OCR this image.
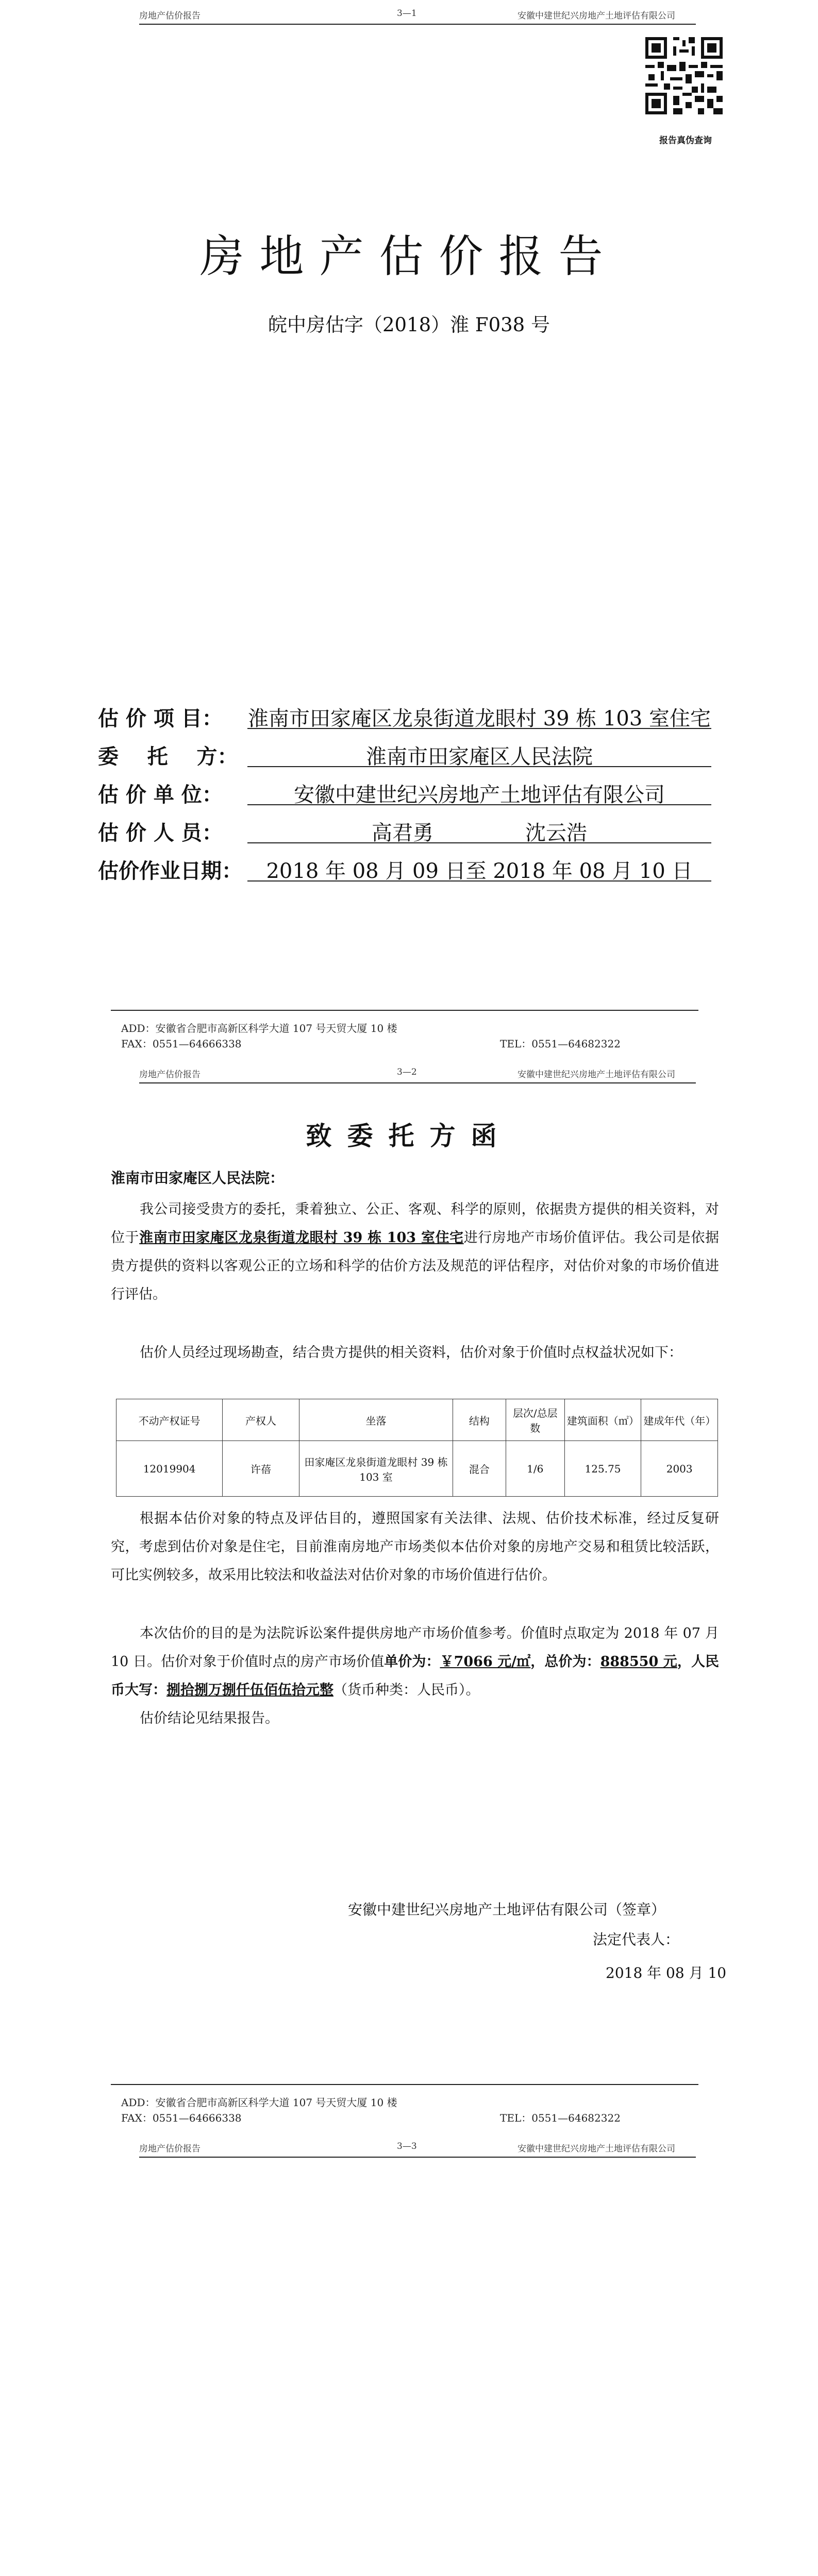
房地产估价报告	3—1	安徽中建世纪兴房地产土地评估有限公司
报告真伪查询
房地产估价报告
皖中房估字（2018）淮 F038 号
估 价 项 目： 淮南市田家庵区龙泉街道龙眼村 39 栋 103 室住宅
委    托    方：	淮南市田家庵区人民法院
估 价 单 位：	安徽中建世纪兴房地产土地评估有限公司
估 价 人 员：	高君勇              沈云浩
估价作业日期：	2018 年 08 月 09 日至 2018 年 08 月 10 日
ADD：安徽省合肥市高新区科学大道 107 号天贸大厦 10 楼
FAX：0551—64666338	TEL：0551—64682322
房地产估价报告	3—2	安徽中建世纪兴房地产土地评估有限公司
致委托方函
淮南市田家庵区人民法院：
我公司接受贵方的委托，秉着独立、公正、客观、科学的原则，依据贵方提供的相关资料，对位于淮南市田家庵区龙泉街道龙眼村 39 栋 103 室住宅进行房地产市场价值评估。我公司是依据贵方提供的资料以客观公正的立场和科学的估价方法及规范的评估程序，对估价对象的市场价值进行评估。
估价人员经过现场勘查，结合贵方提供的相关资料，估价对象于价值时点权益状况如下：
不动产权证号	产权人	坐落	结构	层次/总层数	建筑面积（㎡）	建成年代（年）
12019904	许蓓	田家庵区龙泉街道龙眼村 39 栋 103 室	混合	1/6	125.75	2003
根据本估价对象的特点及评估目的，遵照国家有关法律、法规、估价技术标准，经过反复研究，考虑到估价对象是住宅，目前淮南房地产市场类似本估价对象的房地产交易和租赁比较活跃，可比实例较多，故采用比较法和收益法对估价对象的市场价值进行估价。
本次估价的目的是为法院诉讼案件提供房地产市场价值参考。价值时点取定为 2018 年 07 月 10 日。估价对象于价值时点的房产市场价值单价为：￥7066 元/㎡，总价为：888550 元，人民币大写：捌拾捌万捌仟伍佰伍拾元整（货币种类：人民币）。
估价结论见结果报告。
安徽中建世纪兴房地产土地评估有限公司（签章）
法定代表人：
2018 年 08 月 10
ADD：安徽省合肥市高新区科学大道 107 号天贸大厦 10 楼
FAX：0551—64666338	TEL：0551—64682322
房地产估价报告	3—3	安徽中建世纪兴房地产土地评估有限公司
